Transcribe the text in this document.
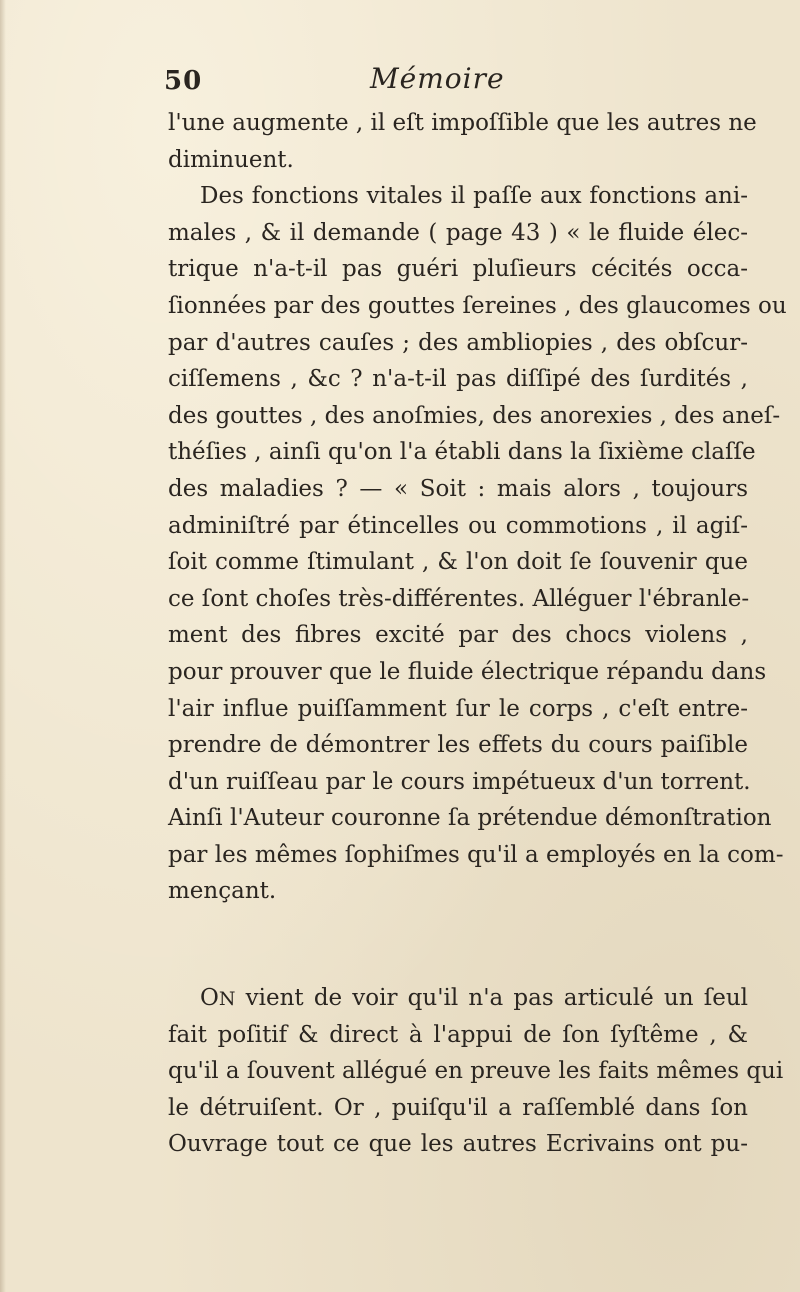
50	Mémoire
l'une augmente , il eſt impoſſible que les autres ne
diminuent.
Des fonctions vitales il paſſe aux fonctions ani-
males , & il demande ( page 43 ) « le fluide élec-
trique n'a-t-il pas guéri pluſieurs cécités occa-
ſionnées par des gouttes ſereines , des glaucomes ou
par d'autres cauſes ; des ambliopies , des obſcur-
ciſſemens , &c ? n'a-t-il pas diſſipé des ſurdités ,
des gouttes , des anoſmies, des anorexies , des aneſ-
théſies , ainſi qu'on l'a établi dans la ſixième claſſe
des maladies ? — « Soit : mais alors , toujours
adminiſtré par étincelles ou commotions , il agiſ-
ſoit comme ſtimulant , & l'on doit ſe ſouvenir que
ce ſont choſes très-différentes. Alléguer l'ébranle-
ment des fibres excité par des chocs violens ,
pour prouver que le fluide électrique répandu dans
l'air influe puiſſamment ſur le corps , c'eſt entre-
prendre de démontrer les effets du cours paiſible
d'un ruiſſeau par le cours impétueux d'un torrent.
Ainſi l'Auteur couronne ſa prétendue démonſtration
par les mêmes ſophiſmes qu'il a employés en la com-
mençant.
ON vient de voir qu'il n'a pas articulé un ſeul
fait poſitif & direct à l'appui de ſon ſyſtême , &
qu'il a ſouvent allégué en preuve les faits mêmes qui
le détruiſent. Or , puiſqu'il a raſſemblé dans ſon
Ouvrage tout ce que les autres Ecrivains ont pu-
